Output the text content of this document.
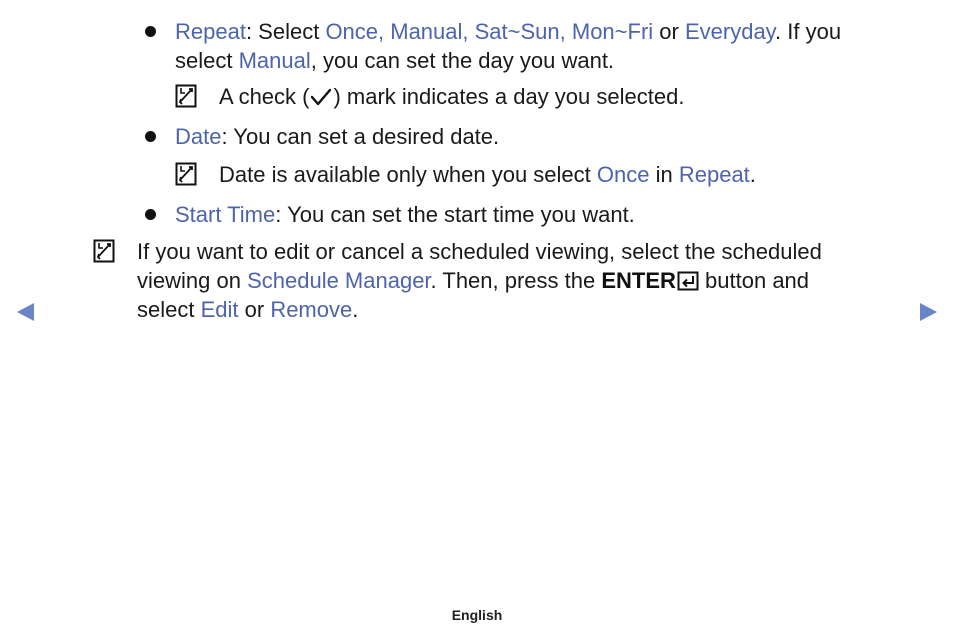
Repeat: Select Once, Manual, Sat~Sun, Mon~Fri or Everyday. If you
select Manual, you can set the day you want.
A check ( ) mark indicates a day you selected.
Date: You can set a desired date.
Date is available only when you select Once in Repeat.
Start Time: You can set the start time you want.
If you want to edit or cancel a scheduled viewing, select the scheduled
viewing on Schedule Manager. Then, press the ENTER button and
select Edit or Remove.
English
